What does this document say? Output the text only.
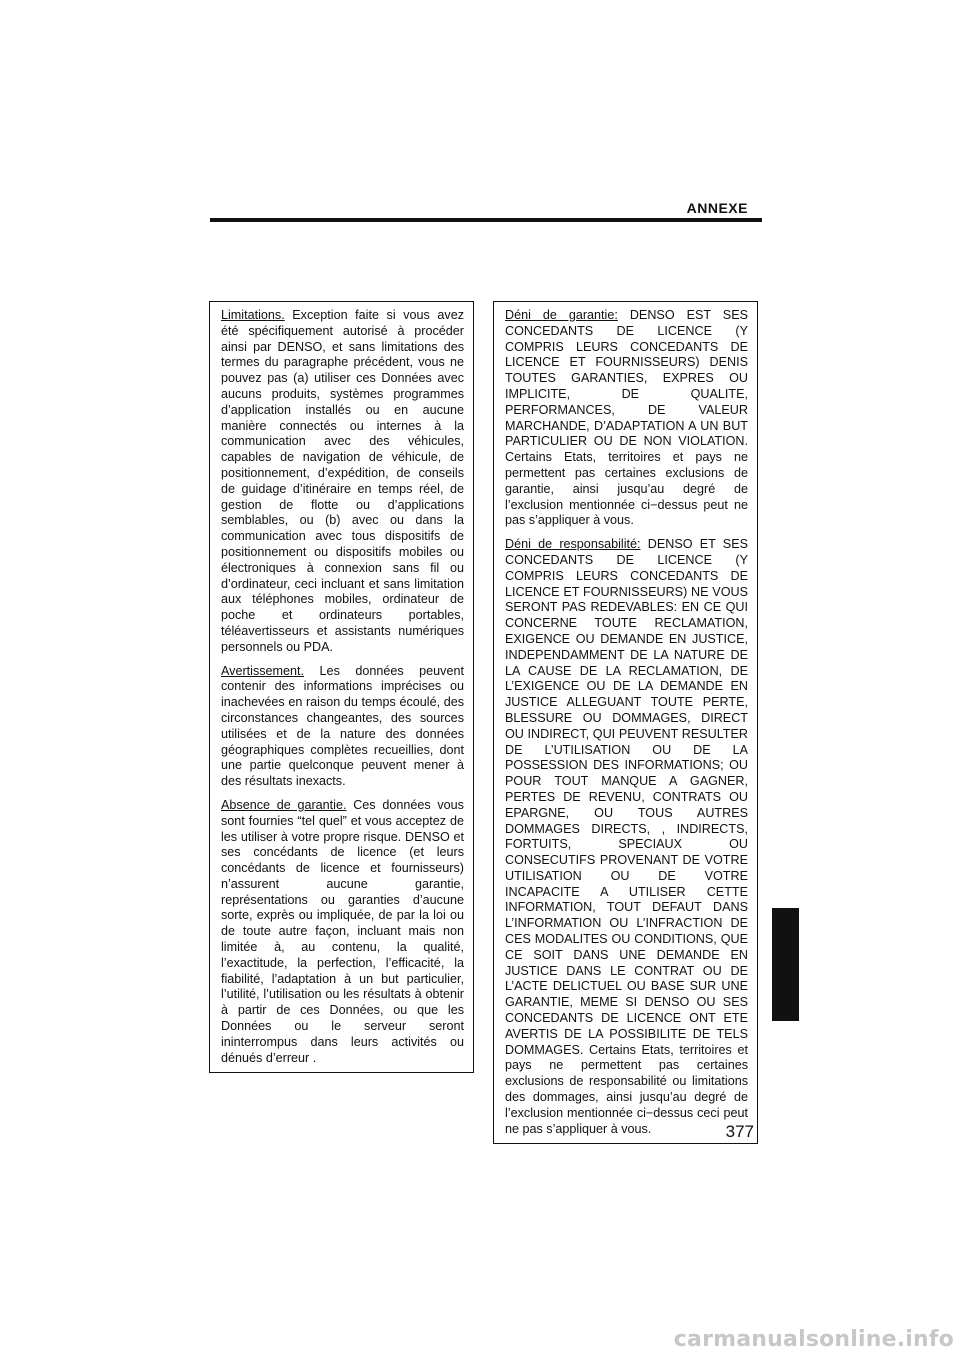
ANNEXE

Limitations. Exception faite si vous avez été spécifiquement autorisé à procéder ainsi par DENSO, et sans limitations des termes du paragraphe précédent, vous ne pouvez pas (a) utiliser ces Données avec aucuns produits, systèmes programmes d’application installés ou en aucune manière connectés ou internes à la communication avec des véhicules, capables de navigation de véhicule, de positionnement, d’expédition, de conseils de guidage d’itinéraire en temps réel, de gestion de flotte ou d’applications semblables, ou (b) avec ou dans la communication avec tous dispositifs de positionnement ou dispositifs mobiles ou électroniques à connexion sans fil ou d’ordinateur, ceci incluant et sans limitation aux téléphones mobiles, ordinateur de poche et ordinateurs portables, téléavertisseurs et assistants numériques personnels ou PDA.

Avertissement. Les données peuvent contenir des informations imprécises ou inachevées en raison du temps écoulé, des circonstances changeantes, des sources utilisées et de la nature des données géographiques complètes recueillies, dont une partie quelconque peuvent mener à des résultats inexacts.

Absence de garantie. Ces données vous sont fournies “tel quel” et vous acceptez de les utiliser à votre propre risque. DENSO et ses concédants de licence (et leurs concédants de licence et fournisseurs) n’assurent aucune garantie, représentations ou garanties d’aucune sorte, exprès ou impliquée, de par la loi ou de toute autre façon, incluant mais non limitée à, au contenu, la qualité, l’exactitude, la perfection, l’efficacité, la fiabilité, l’adaptation à un but particulier, l’utilité, l’utilisation ou les résultats à obtenir à partir de ces Données, ou que les Données ou le serveur seront ininterrompus dans leurs activités ou dénués d’erreur .

Déni de garantie: DENSO EST SES CONCEDANTS DE LICENCE (Y COMPRIS LEURS CONCEDANTS DE LICENCE ET FOURNISSEURS) DENIS TOUTES GARANTIES, EXPRES OU IMPLICITE, DE QUALITE, PERFORMANCES, DE VALEUR MARCHANDE, D’ADAPTATION A UN BUT PARTICULIER OU DE NON VIOLATION. Certains Etats, territoires et pays ne permettent pas certaines exclusions de garantie, ainsi jusqu’au degré de l’exclusion mentionnée ci−dessus peut ne pas s’appliquer à vous.

Déni de responsabilité: DENSO ET SES CONCEDANTS DE LICENCE (Y COMPRIS LEURS CONCEDANTS DE LICENCE ET FOURNISSEURS) NE VOUS SERONT PAS REDEVABLES: EN CE QUI CONCERNE TOUTE RECLAMATION, EXIGENCE OU DEMANDE EN JUSTICE, INDEPENDAMMENT DE LA NATURE DE LA CAUSE DE LA RECLAMATION, DE L’EXIGENCE OU DE LA DEMANDE EN JUSTICE ALLEGUANT TOUTE PERTE, BLESSURE OU DOMMAGES, DIRECT OU INDIRECT, QUI PEUVENT RESULTER DE L’UTILISATION OU DE LA POSSESSION DES INFORMATIONS; OU POUR TOUT MANQUE A GAGNER, PERTES DE REVENU, CONTRATS OU EPARGNE, OU TOUS AUTRES DOMMAGES DIRECTS, , INDIRECTS, FORTUITS, SPECIAUX OU CONSECUTIFS PROVENANT DE VOTRE UTILISATION OU DE VOTRE INCAPACITE A UTILISER CETTE INFORMATION, TOUT DEFAUT DANS L’INFORMATION OU L’INFRACTION DE CES MODALITES OU CONDITIONS, QUE CE SOIT DANS UNE DEMANDE EN JUSTICE DANS LE CONTRAT OU DE L’ACTE DELICTUEL OU BASE SUR UNE GARANTIE, MEME SI DENSO OU SES CONCEDANTS DE LICENCE ONT ETE AVERTIS DE LA POSSIBILITE DE TELS DOMMAGES. Certains Etats, territoires et pays ne permettent pas certaines exclusions de responsabilité ou limitations des dommages, ainsi jusqu’au degré de l’exclusion mentionnée ci−dessus ceci peut ne pas s’appliquer à vous.	377
carmanualsonline.info
